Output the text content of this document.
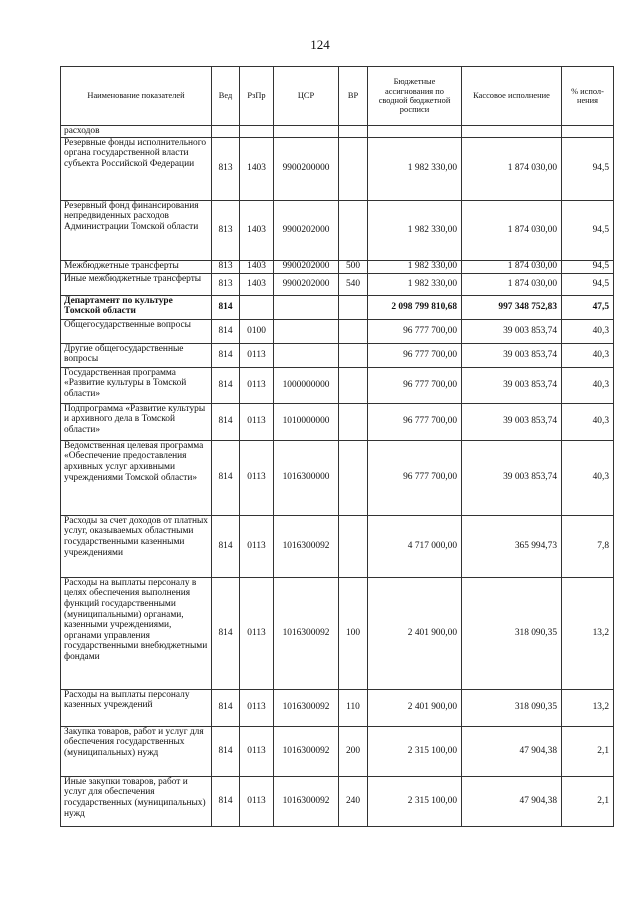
124
Наименование показателей	Вед	РзПр	ЦСР	ВР	Бюджетные ассигнования по сводной бюджетной росписи	Кассовое исполнение	% испол-нения
расходов							
Резервные фонды исполнительного органа государственной власти субъекта Российской Федерации	813	1403	9900200000		1 982 330,00	1 874 030,00	94,5
Резервный фонд финансирования непредвиденных расходов Администрации Томской области	813	1403	9900202000		1 982 330,00	1 874 030,00	94,5
Межбюджетные трансферты	813	1403	9900202000	500	1 982 330,00	1 874 030,00	94,5
Иные межбюджетные трансферты	813	1403	9900202000	540	1 982 330,00	1 874 030,00	94,5
Департамент по культуре Томской области	814				2 098 799 810,68	997 348 752,83	47,5
Общегосударственные вопросы	814	0100			96 777 700,00	39 003 853,74	40,3
Другие общегосударственные вопросы	814	0113			96 777 700,00	39 003 853,74	40,3
Государственная программа «Развитие культуры в Томской области»	814	0113	1000000000		96 777 700,00	39 003 853,74	40,3
Подпрограмма «Развитие культуры и архивного дела в Томской области»	814	0113	1010000000		96 777 700,00	39 003 853,74	40,3
Ведомственная целевая программа «Обеспечение предоставления архивных услуг архивными учреждениями Томской области»	814	0113	1016300000		96 777 700,00	39 003 853,74	40,3
Расходы за счет доходов от платных услуг, оказываемых областными государственными казенными учреждениями	814	0113	1016300092		4 717 000,00	365 994,73	7,8
Расходы на выплаты персоналу в целях обеспечения выполнения функций государственными (муниципальными) органами, казенными учреждениями, органами управления государственными внебюджетными фондами	814	0113	1016300092	100	2 401 900,00	318 090,35	13,2
Расходы на выплаты персоналу казенных учреждений	814	0113	1016300092	110	2 401 900,00	318 090,35	13,2
Закупка товаров, работ и услуг для обеспечения государственных (муниципальных) нужд	814	0113	1016300092	200	2 315 100,00	47 904,38	2,1
Иные закупки товаров, работ и услуг для обеспечения государственных (муниципальных) нужд	814	0113	1016300092	240	2 315 100,00	47 904,38	2,1
